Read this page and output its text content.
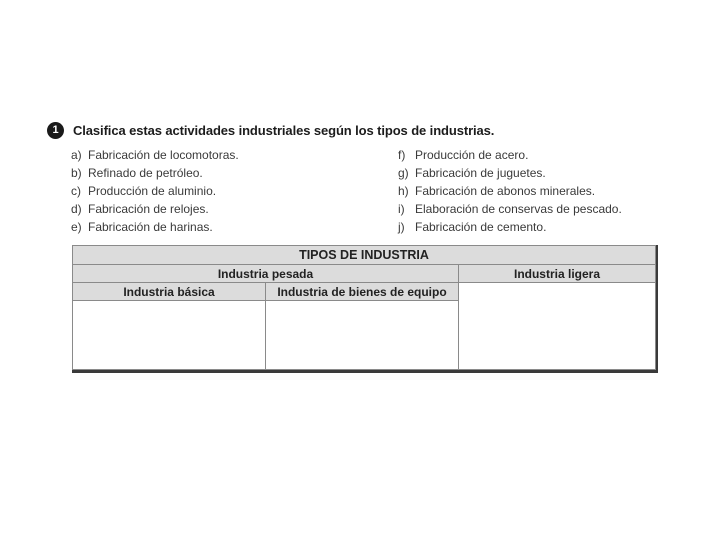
1	Clasifica estas actividades industriales según los tipos de industrias.
a) Fabricación de locomotoras.
b) Refinado de petróleo.
c) Producción de aluminio.
d) Fabricación de relojes.
e) Fabricación de harinas.
f) Producción de acero.
g) Fabricación de juguetes.
h) Fabricación de abonos minerales.
i) Elaboración de conservas de pescado.
j) Fabricación de cemento.
TIPOS DE INDUSTRIA		
Industria pesada		Industria ligera
Industria básica	Industria de bienes de equipo	
